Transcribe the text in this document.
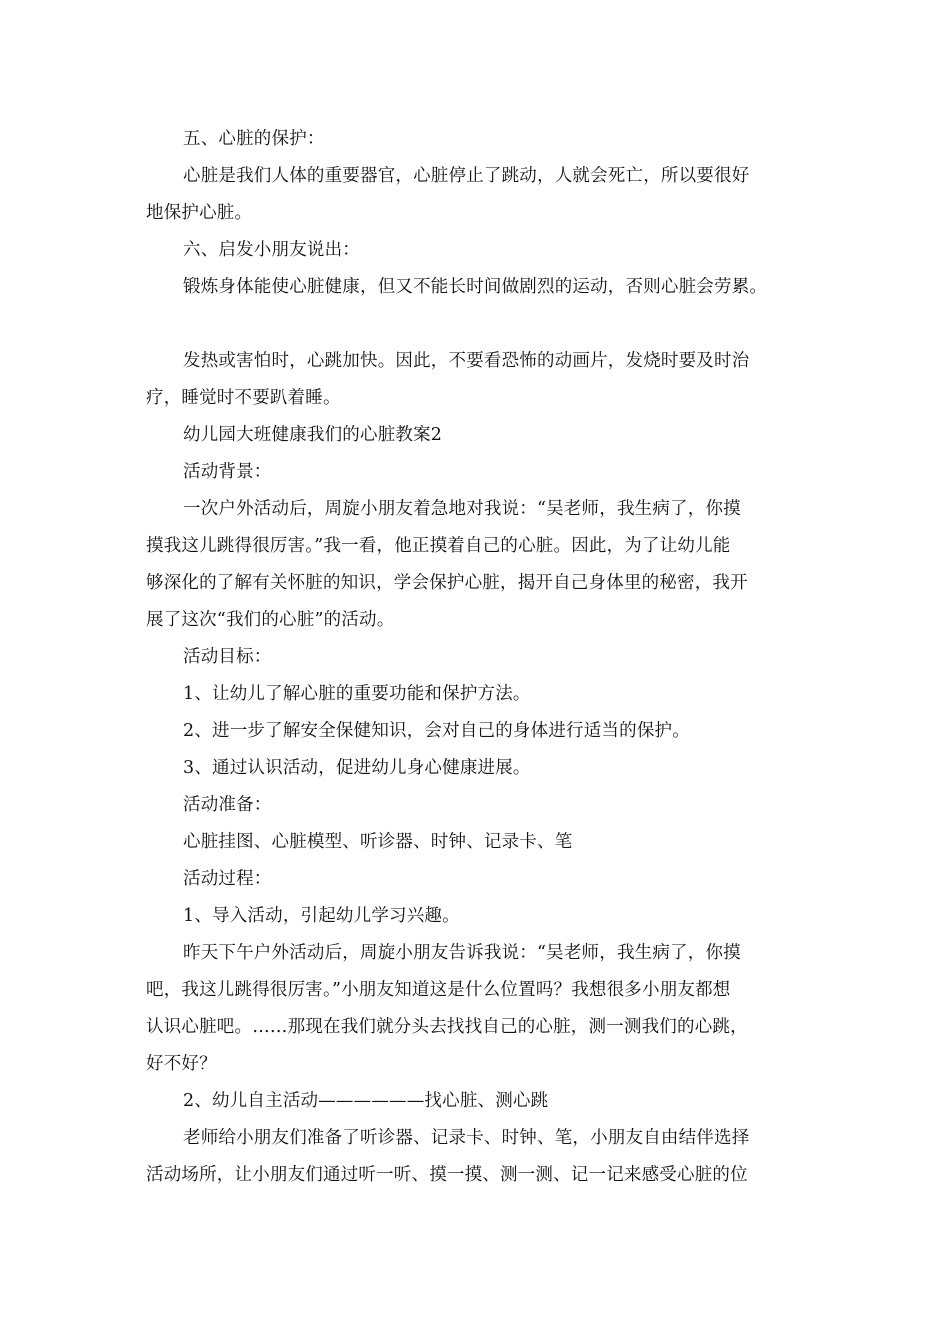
五、心脏的保护：
心脏是我们人体的重要器官，心脏停止了跳动，人就会死亡，所以要很好
地保护心脏。
六、启发小朋友说出：
锻炼身体能使心脏健康，但又不能长时间做剧烈的运动，否则心脏会劳累。
发热或害怕时，心跳加快。因此，不要看恐怖的动画片，发烧时要及时治
疗，睡觉时不要趴着睡。
幼儿园大班健康我们的心脏教案2
活动背景：
一次户外活动后，周旋小朋友着急地对我说：“吴老师，我生病了，你摸
摸我这儿跳得很厉害。”我一看，他正摸着自己的心脏。因此，为了让幼儿能
够深化的了解有关怀脏的知识，学会保护心脏，揭开自己身体里的秘密，我开
展了这次“我们的心脏”的活动。
活动目标：
1、让幼儿了解心脏的重要功能和保护方法。
2、进一步了解安全保健知识，会对自己的身体进行适当的保护。
3、通过认识活动，促进幼儿身心健康进展。
活动准备：
心脏挂图、心脏模型、听诊器、时钟、记录卡、笔
活动过程：
1、导入活动，引起幼儿学习兴趣。
昨天下午户外活动后，周旋小朋友告诉我说：“吴老师，我生病了，你摸
吧，我这儿跳得很厉害。”小朋友知道这是什么位置吗？我想很多小朋友都想
认识心脏吧。……那现在我们就分头去找找自己的心脏，测一测我们的心跳，
好不好？
2、幼儿自主活动——————找心脏、测心跳
老师给小朋友们准备了听诊器、记录卡、时钟、笔，小朋友自由结伴选择
活动场所，让小朋友们通过听一听、摸一摸、测一测、记一记来感受心脏的位
